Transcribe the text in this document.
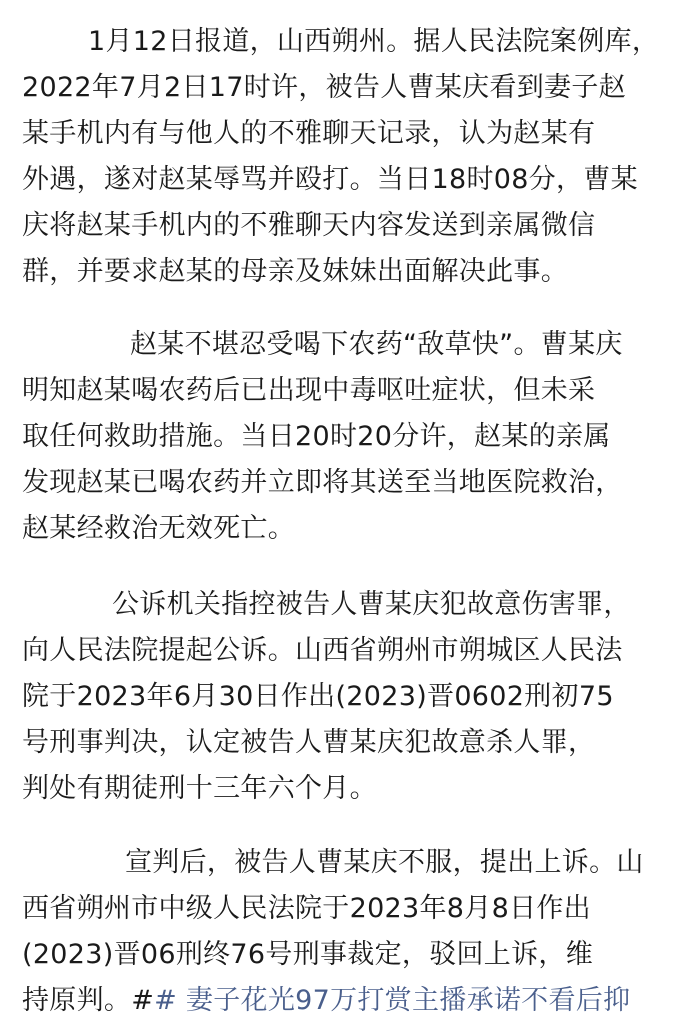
1月12日报道，山西朔州。据人民法院案例库，
2022年7月2日17时许，被告人曹某庆看到妻子赵
某手机内有与他人的不雅聊天记录，认为赵某有
外遇，遂对赵某辱骂并殴打。当日18时08分，曹某
庆将赵某手机内的不雅聊天内容发送到亲属微信
群，并要求赵某的母亲及妹妹出面解决此事。
赵某不堪忍受喝下农药“敌草快”。曹某庆
明知赵某喝农药后已出现中毒呕吐症状，但未采
取任何救助措施。当日20时20分许，赵某的亲属
发现赵某已喝农药并立即将其送至当地医院救治，
赵某经救治无效死亡。
公诉机关指控被告人曹某庆犯故意伤害罪，
向人民法院提起公诉。山西省朔州市朔城区人民法
院于2023年6月30日作出(2023)晋0602刑初75
号刑事判决，认定被告人曹某庆犯故意杀人罪，
判处有期徒刑十三年六个月。
宣判后，被告人曹某庆不服，提出上诉。山
西省朔州市中级人民法院于2023年8月8日作出
(2023)晋06刑终76号刑事裁定，驳回上诉，维
持原判。## 妻子花光97万打赏主播承诺不看后抑
